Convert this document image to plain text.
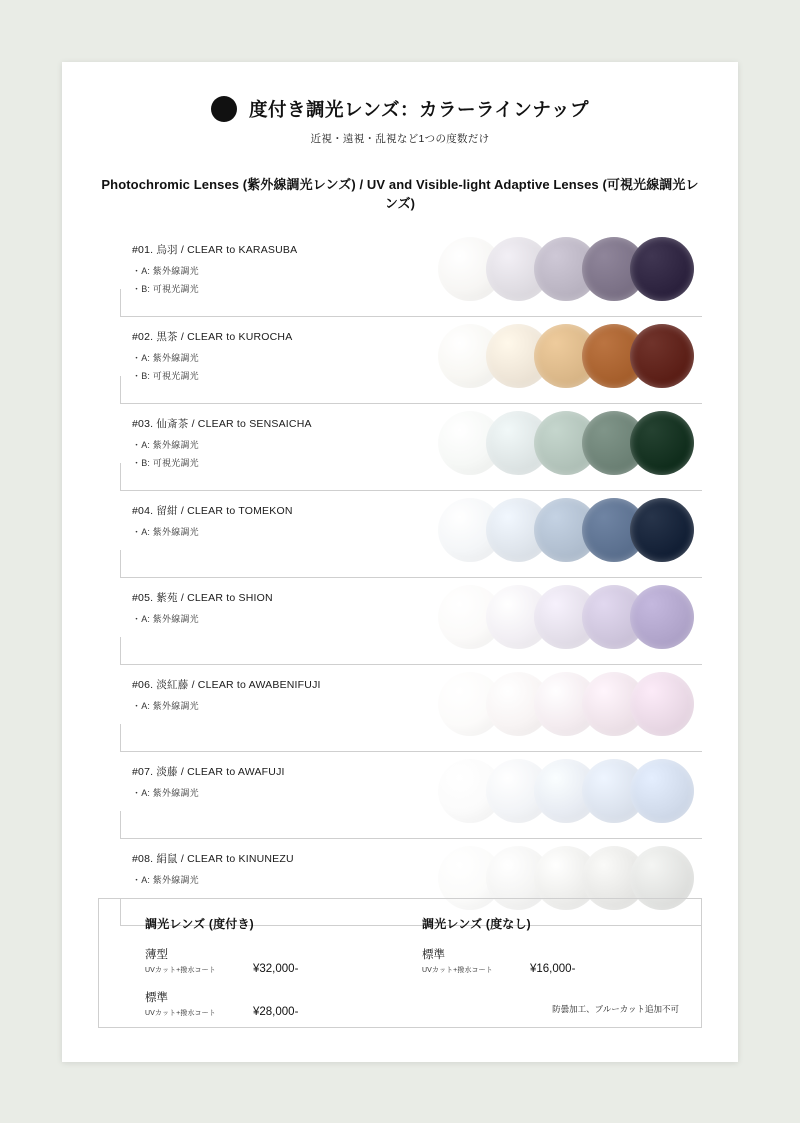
度付き調光レンズ：カラーラインナップ
近視・遠視・乱視など1つの度数だけ
Photochromic Lenses (紫外線調光レンズ) / UV and Visible-light Adaptive Lenses (可視光線調光レンズ)
#01. 烏羽 / CLEAR to KARASUBA
・A: 紫外線調光
・B: 可視光調光
#02. 黒茶 / CLEAR to KUROCHA
・A: 紫外線調光
・B: 可視光調光
#03. 仙斎茶 / CLEAR to SENSAICHA
・A: 紫外線調光
・B: 可視光調光
#04. 留紺 / CLEAR to TOMEKON
・A: 紫外線調光
#05. 紫苑 / CLEAR to SHION
・A: 紫外線調光
#06. 淡紅藤 / CLEAR to AWABENIFUJI
・A: 紫外線調光
#07. 淡藤 / CLEAR to AWAFUJI
・A: 紫外線調光
#08. 絹鼠 / CLEAR to KINUNEZU
・A: 紫外線調光
調光レンズ (度付き)
薄型
UVカット+撥水コート	¥32,000-
標準
UVカット+撥水コート	¥28,000-
調光レンズ (度なし)
標準
UVカット+撥水コート	¥16,000-
防曇加工、ブルーカット追加不可
